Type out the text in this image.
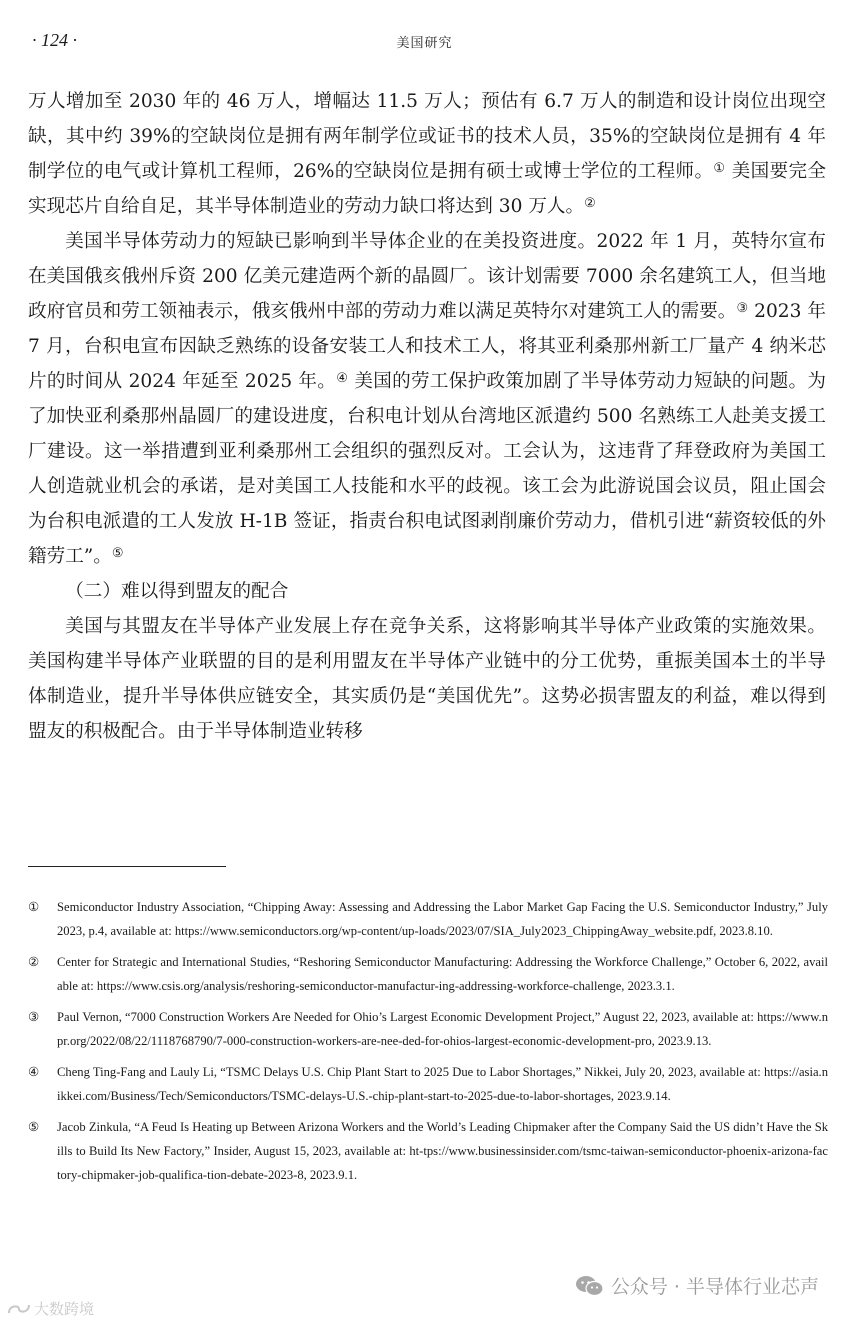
· 124 ·	美国研究

万人增加至 2030 年的 46 万人，增幅达 11.5 万人；预估有 6.7 万人的制造和设计岗位出现空缺，其中约 39%的空缺岗位是拥有两年制学位或证书的技术人员，35%的空缺岗位是拥有 4 年制学位的电气或计算机工程师，26%的空缺岗位是拥有硕士或博士学位的工程师。① 美国要完全实现芯片自给自足，其半导体制造业的劳动力缺口将达到 30 万人。②

美国半导体劳动力的短缺已影响到半导体企业的在美投资进度。2022 年 1 月，英特尔宣布在美国俄亥俄州斥资 200 亿美元建造两个新的晶圆厂。该计划需要 7000 余名建筑工人，但当地政府官员和劳工领袖表示，俄亥俄州中部的劳动力难以满足英特尔对建筑工人的需要。③ 2023 年 7 月，台积电宣布因缺乏熟练的设备安装工人和技术工人，将其亚利桑那州新工厂量产 4 纳米芯片的时间从 2024 年延至 2025 年。④ 美国的劳工保护政策加剧了半导体劳动力短缺的问题。为了加快亚利桑那州晶圆厂的建设进度，台积电计划从台湾地区派遣约 500 名熟练工人赴美支援工厂建设。这一举措遭到亚利桑那州工会组织的强烈反对。工会认为，这违背了拜登政府为美国工人创造就业机会的承诺，是对美国工人技能和水平的歧视。该工会为此游说国会议员，阻止国会为台积电派遣的工人发放 H-1B 签证，指责台积电试图剥削廉价劳动力，借机引进“薪资较低的外籍劳工”。⑤

（二）难以得到盟友的配合

美国与其盟友在半导体产业发展上存在竞争关系，这将影响其半导体产业政策的实施效果。美国构建半导体产业联盟的目的是利用盟友在半导体产业链中的分工优势，重振美国本土的半导体制造业，提升半导体供应链安全，其实质仍是“美国优先”。这势必损害盟友的利益，难以得到盟友的积极配合。由于半导体制造业转移

① Semiconductor Industry Association, “Chipping Away: Assessing and Addressing the Labor Market Gap Facing the U.S. Semiconductor Industry,” July 2023, p.4, available at: https://www.semiconductors.org/wp-content/up-loads/2023/07/SIA_July2023_ChippingAway_website.pdf, 2023.8.10.
② Center for Strategic and International Studies, “Reshoring Semiconductor Manufacturing: Addressing the Workforce Challenge,” October 6, 2022, available at: https://www.csis.org/analysis/reshoring-semiconductor-manufactur-ing-addressing-workforce-challenge, 2023.3.1.
③ Paul Vernon, “7000 Construction Workers Are Needed for Ohio’s Largest Economic Development Project,” August 22, 2023, available at: https://www.npr.org/2022/08/22/1118768790/7-000-construction-workers-are-nee-ded-for-ohios-largest-economic-development-pro, 2023.9.13.
④ Cheng Ting-Fang and Lauly Li, “TSMC Delays U.S. Chip Plant Start to 2025 Due to Labor Shortages,” Nikkei, July 20, 2023, available at: https://asia.nikkei.com/Business/Tech/Semiconductors/TSMC-delays-U.S.-chip-plant-start-to-2025-due-to-labor-shortages, 2023.9.14.
⑤ Jacob Zinkula, “A Feud Is Heating up Between Arizona Workers and the World’s Leading Chipmaker after the Company Said the US didn’t Have the Skills to Build Its New Factory,” Insider, August 15, 2023, available at: ht-tps://www.businessinsider.com/tsmc-taiwan-semiconductor-phoenix-arizona-factory-chipmaker-job-qualifica-tion-debate-2023-8, 2023.9.1.
公众号 · 半导体行业芯声
大数跨境
